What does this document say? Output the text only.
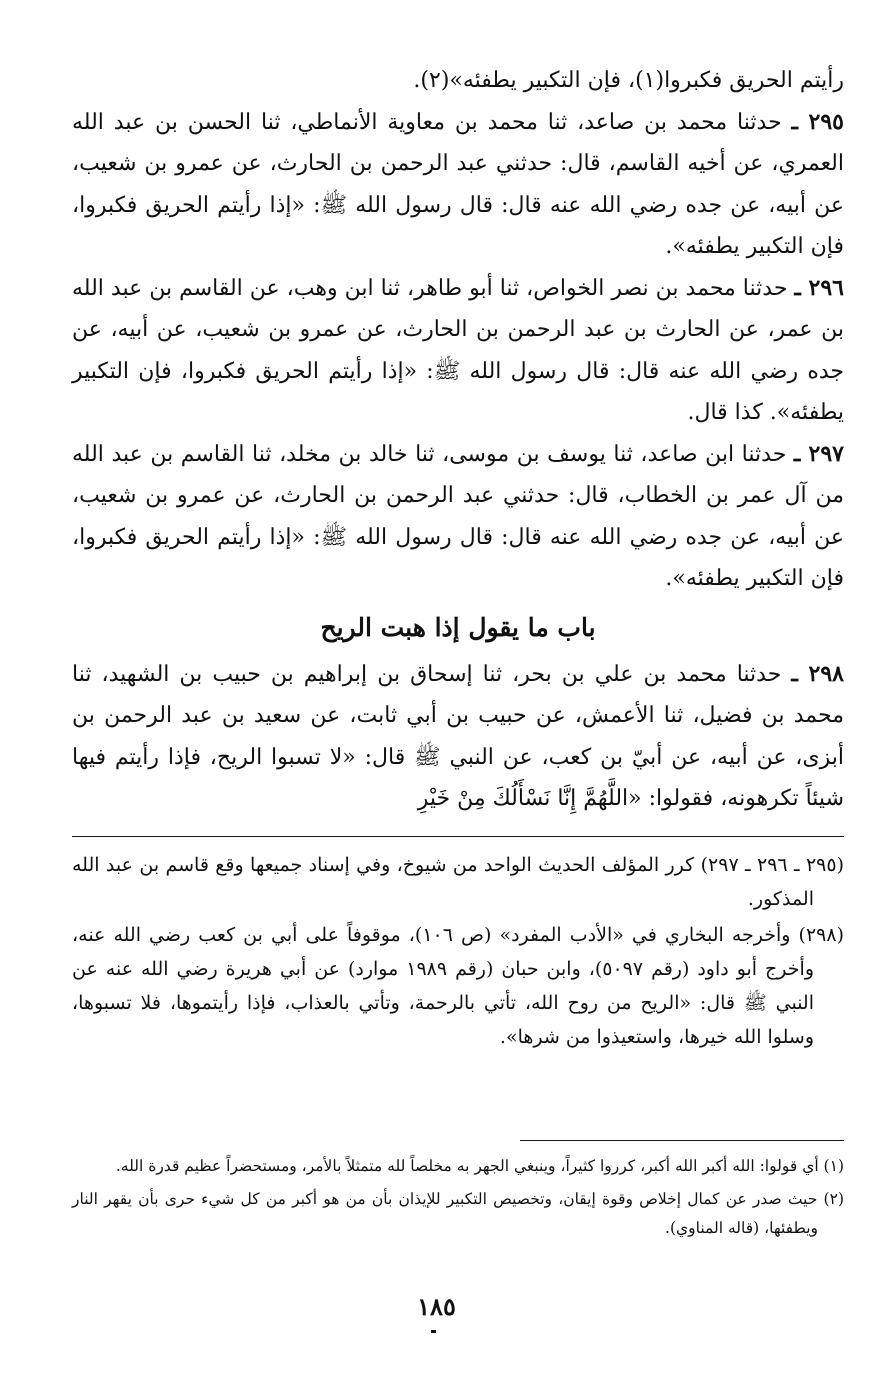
رأيتم الحريق فكبروا(١)، فإن التكبير يطفئه»(٢).

٢٩٥ ـ حدثنا محمد بن صاعد، ثنا محمد بن معاوية الأنماطي، ثنا الحسن بن عبد الله العمري، عن أخيه القاسم، قال: حدثني عبد الرحمن بن الحارث، عن عمرو بن شعيب، عن أبيه، عن جده رضي الله عنه قال: قال رسول الله ﷺ: «إذا رأيتم الحريق فكبروا، فإن التكبير يطفئه».

٢٩٦ ـ حدثنا محمد بن نصر الخواص، ثنا أبو طاهر، ثنا ابن وهب، عن القاسم بن عبد الله بن عمر، عن الحارث بن عبد الرحمن بن الحارث، عن عمرو بن شعيب، عن أبيه، عن جده رضي الله عنه قال: قال رسول الله ﷺ: «إذا رأيتم الحريق فكبروا، فإن التكبير يطفئه». كذا قال.

٢٩٧ ـ حدثنا ابن صاعد، ثنا يوسف بن موسى، ثنا خالد بن مخلد، ثنا القاسم بن عبد الله من آل عمر بن الخطاب، قال: حدثني عبد الرحمن بن الحارث، عن عمرو بن شعيب، عن أبيه، عن جده رضي الله عنه قال: قال رسول الله ﷺ: «إذا رأيتم الحريق فكبروا، فإن التكبير يطفئه».

باب ما يقول إذا هبت الريح

٢٩٨ ـ حدثنا محمد بن علي بن بحر، ثنا إسحاق بن إبراهيم بن حبيب بن الشهيد، ثنا محمد بن فضيل، ثنا الأعمش، عن حبيب بن أبي ثابت، عن سعيد بن عبد الرحمن بن أبزى، عن أبيه، عن أبيّ بن كعب، عن النبي ﷺ قال: «لا تسبوا الريح، فإذا رأيتم فيها شيئاً تكرهونه، فقولوا: «اللَّهُمَّ إِنَّا نَسْأَلُكَ مِنْ خَيْرِ

(٢٩٥ ـ ٢٩٦ ـ ٢٩٧) كرر المؤلف الحديث الواحد من شيوخ، وفي إسناد جميعها وقع قاسم بن عبد الله المذكور.

(٢٩٨) وأخرجه البخاري في «الأدب المفرد» (ص ١٠٦)، موقوفاً على أبي بن كعب رضي الله عنه، وأخرج أبو داود (رقم ٥٠٩٧)، وابن حبان (رقم ١٩٨٩ موارد) عن أبي هريرة رضي الله عنه عن النبي ﷺ قال: «الريح من روح الله، تأتي بالرحمة، وتأتي بالعذاب، فإذا رأيتموها، فلا تسبوها، وسلوا الله خيرها، واستعيذوا من شرها».

(١) أي قولوا: الله أكبر الله أكبر، كرروا كثيراً، وينبغي الجهر به مخلصاً لله متمثلاً بالأمر، ومستحضراً عظيم قدرة الله.

(٢) حيث صدر عن كمال إخلاص وقوة إيقان، وتخصيص التكبير للإيذان بأن من هو أكبر من كل شيء حرى بأن يقهر النار ويطفئها، (قاله المناوي).

١٨٥
